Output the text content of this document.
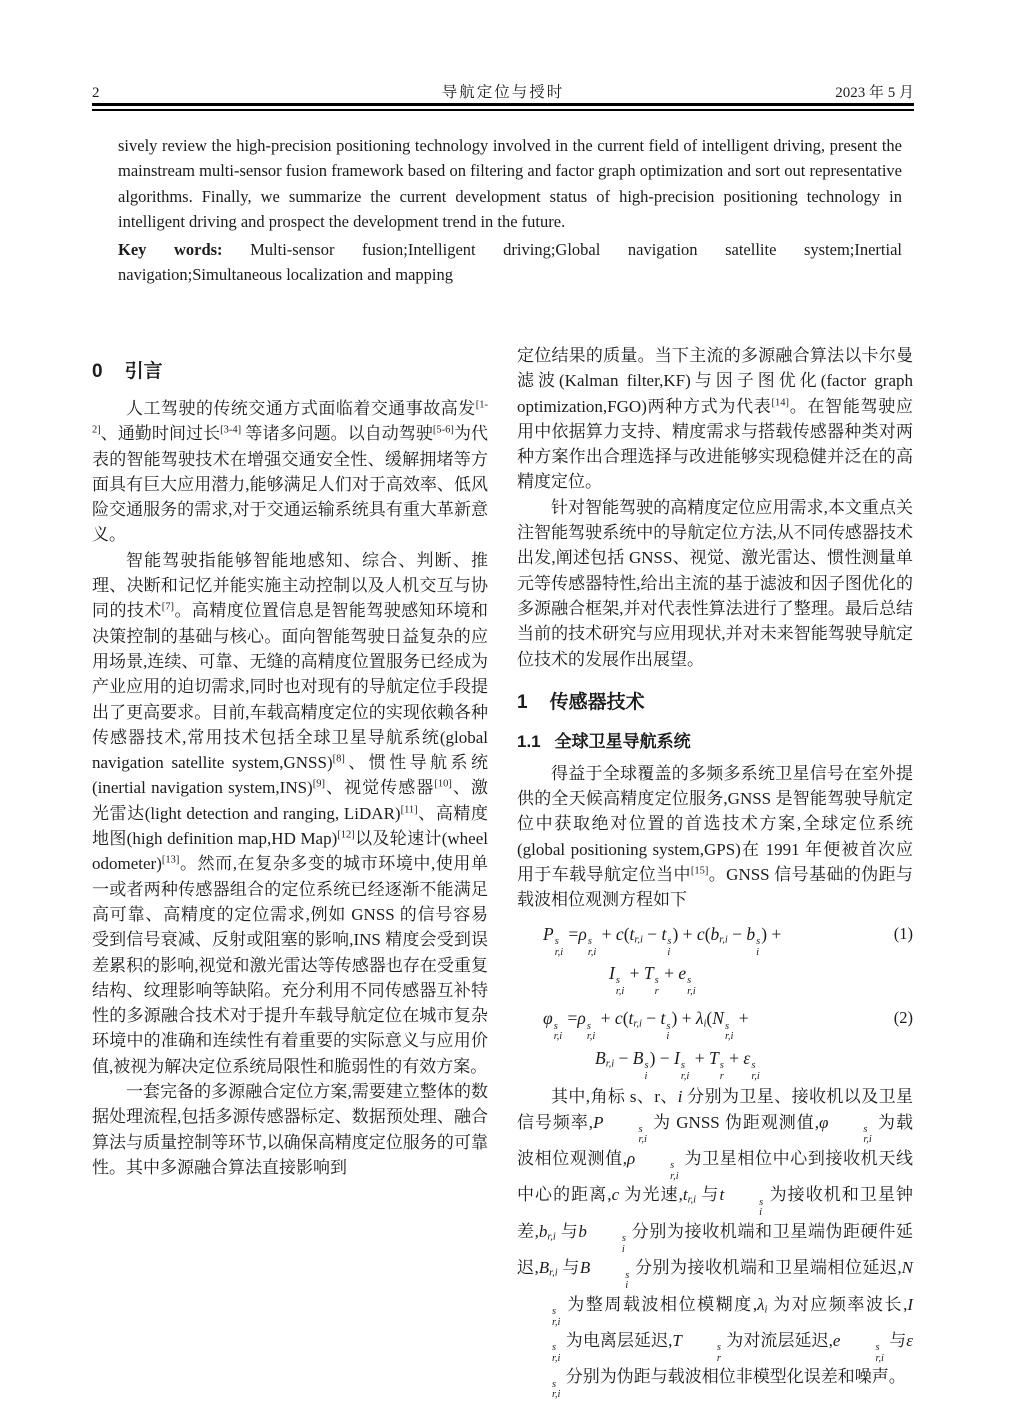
2	导航定位与授时	2023 年 5 月

sively review the high-precision positioning technology involved in the current field of intelligent driving, present the mainstream multi-sensor fusion framework based on filtering and factor graph optimization and sort out representative algorithms. Finally, we summarize the current development status of high-precision positioning technology in intelligent driving and prospect the development trend in the future.

Key words: Multi-sensor fusion;Intelligent driving;Global navigation satellite system;Inertial navigation;Simultaneous localization and mapping

0 引言

人工驾驶的传统交通方式面临着交通事故高发[1-2]、通勤时间过长[3-4] 等诸多问题。以自动驾驶[5-6]为代表的智能驾驶技术在增强交通安全性、缓解拥堵等方面具有巨大应用潜力,能够满足人们对于高效率、低风险交通服务的需求,对于交通运输系统具有重大革新意义。

智能驾驶指能够智能地感知、综合、判断、推理、决断和记忆并能实施主动控制以及人机交互与协同的技术[7]。高精度位置信息是智能驾驶感知环境和决策控制的基础与核心。面向智能驾驶日益复杂的应用场景,连续、可靠、无缝的高精度位置服务已经成为产业应用的迫切需求,同时也对现有的导航定位手段提出了更高要求。目前,车载高精度定位的实现依赖各种传感器技术,常用技术包括全球卫星导航系统(global navigation satellite system,GNSS)[8]、惯性导航系统(inertial navigation system,INS)[9]、视觉传感器[10]、激光雷达(light detection and ranging, LiDAR)[11]、高精度地图(high definition map,HD Map)[12]以及轮速计(wheel odometer)[13]。然而,在复杂多变的城市环境中,使用单一或者两种传感器组合的定位系统已经逐渐不能满足高可靠、高精度的定位需求,例如 GNSS 的信号容易受到信号衰减、反射或阻塞的影响,INS 精度会受到误差累积的影响,视觉和激光雷达等传感器也存在受重复结构、纹理影响等缺陷。充分利用不同传感器互补特性的多源融合技术对于提升车载导航定位在城市复杂环境中的准确和连续性有着重要的实际意义与应用价值,被视为解决定位系统局限性和脆弱性的有效方案。

一套完备的多源融合定位方案,需要建立整体的数据处理流程,包括多源传感器标定、数据预处理、融合算法与质量控制等环节,以确保高精度定位服务的可靠性。其中多源融合算法直接影响到

定位结果的质量。当下主流的多源融合算法以卡尔曼滤波(Kalman filter,KF)与因子图优化(factor graph optimization,FGO)两种方式为代表[14]。在智能驾驶应用中依据算力支持、精度需求与搭载传感器种类对两种方案作出合理选择与改进能够实现稳健并泛在的高精度定位。

针对智能驾驶的高精度定位应用需求,本文重点关注智能驾驶系统中的导航定位方法,从不同传感器技术出发,阐述包括 GNSS、视觉、激光雷达、惯性测量单元等传感器特性,给出主流的基于滤波和因子图优化的多源融合框架,并对代表性算法进行了整理。最后总结当前的技术研究与应用现状,并对未来智能驾驶导航定位技术的发展作出展望。

1 传感器技术
1.1 全球卫星导航系统

得益于全球覆盖的多频多系统卫星信号在室外提供的全天候高精度定位服务,GNSS 是智能驾驶导航定位中获取绝对位置的首选技术方案,全球定位系统(global positioning system,GPS)在 1991 年便被首次应用于车载导航定位当中[15]。GNSS 信号基础的伪距与载波相位观测方程如下

P s
r,i
=ρ s
r,i
+ $c(t_{r,i} - t$ s
i
) + $c(b_{r,i} - b$ s
i
) +
I s
r,i
+ T s
r
+ e s
r,i
(1)
φ s
r,i
=ρ s
r,i
+ $c(t_{r,i} - t$ s
i
) + $\lambda_i(N$ s
r,i
+
$B_{r,i} - B$ s
i
) − I s
r,i
+ T s
r
+ ε s
r,i
(2)

其中,角标 s、r、i 分别为卫星、接收机以及卫星信号频率,P	s
r,i
为 GNSS 伪距观测值,φ	s
r,i
为载波相位观测值,ρ	s
r,i
为卫星相位中心到接收机天线中心的距离,c 为光速$,t_{r,i}$ 与t	s
i
为接收机和卫星钟差$,b_{r,i}$ 与b	s
i
分别为接收机端和卫星端伪距硬件延迟$,B_{r,i}$ 与B	s
i
分别为接收机端和卫星端相位延迟,N
s
r,i
为整周载波相位模糊度$,\lambda_i$ 为对应频率波长,I
s
r,i
为电离层延迟,T	s
r
为对流层延迟,e	s
r,i
与ε
s
r,i
分别为伪距与载波相位非模型化误差和噪声。
